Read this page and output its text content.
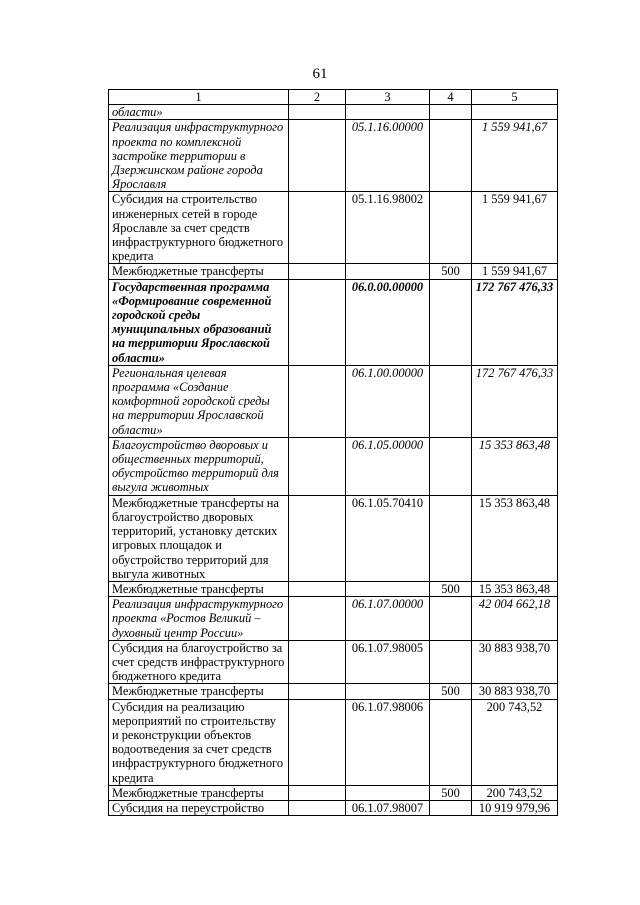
61
1	2	3	4	5
области»				
Реализация инфраструктурного проекта по комплексной застройке территории в Дзержинском районе города Ярославля		05.1.16.00000		1 559 941,67
Субсидия на строительство инженерных сетей в городе Ярославле за счет средств инфраструктурного бюджетного кредита		05.1.16.98002		1 559 941,67
Межбюджетные трансферты			500	1 559 941,67
Государственная программа «Формирование современной городской среды муниципальных образований на территории Ярославской области»		06.0.00.00000		172 767 476,33
Региональная целевая программа «Создание комфортной городской среды на территории Ярославской области»		06.1.00.00000		172 767 476,33
Благоустройство дворовых и общественных территорий, обустройство территорий для выгула животных		06.1.05.00000		15 353 863,48
Межбюджетные трансферты на благоустройство дворовых территорий, установку детских игровых площадок и обустройство территорий для выгула животных		06.1.05.70410		15 353 863,48
Межбюджетные трансферты			500	15 353 863,48
Реализация инфраструктурного проекта «Ростов Великий – духовный центр России»		06.1.07.00000		42 004 662,18
Субсидия на благоустройство за счет средств инфраструктурного бюджетного кредита		06.1.07.98005		30 883 938,70
Межбюджетные трансферты			500	30 883 938,70
Субсидия на реализацию мероприятий по строительству и реконструкции объектов водоотведения за счет средств инфраструктурного бюджетного кредита		06.1.07.98006		200 743,52
Межбюджетные трансферты			500	200 743,52
Субсидия на переустройство		06.1.07.98007		10 919 979,96
